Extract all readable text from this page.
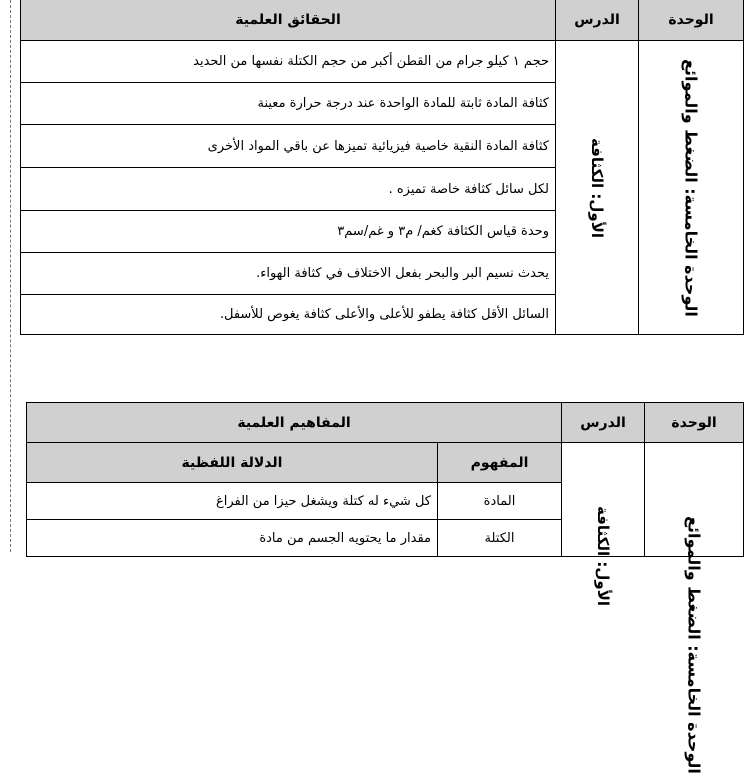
الوحدة	الدرس	الحقائق العلمية

الوحدة الخامسة: الضغط والموائع	الأول: الكثافة	حجم ١ كيلو جرام من القطن أكبر من حجم الكتلة نفسها من الحديد
		كثافة المادة ثابتة للمادة الواحدة عند درجة حرارة معينة
		كثافة المادة النقية خاصية فيزيائية تميزها عن باقي المواد الأخرى
		لكل سائل كثافة خاصة تميزه .
		وحدة قياس الكثافة كغم/ م٣ و غم/سم٣
		يحدث نسيم البر والبحر بفعل الاختلاف في كثافة الهواء.
		السائل الأقل كثافة يطفو للأعلى والأعلى كثافة يغوص للأسفل.
الوحدة	الدرس	المفاهيم العلمية	

الوحدة الخامسة: الضغط والموائع	الأول: الكثافة	المفهوم	الدلالة اللفظية
		المادة	كل شيء له كتلة ويشغل حيزا من الفراغ
		الكتلة	مقدار ما يحتويه الجسم من مادة
